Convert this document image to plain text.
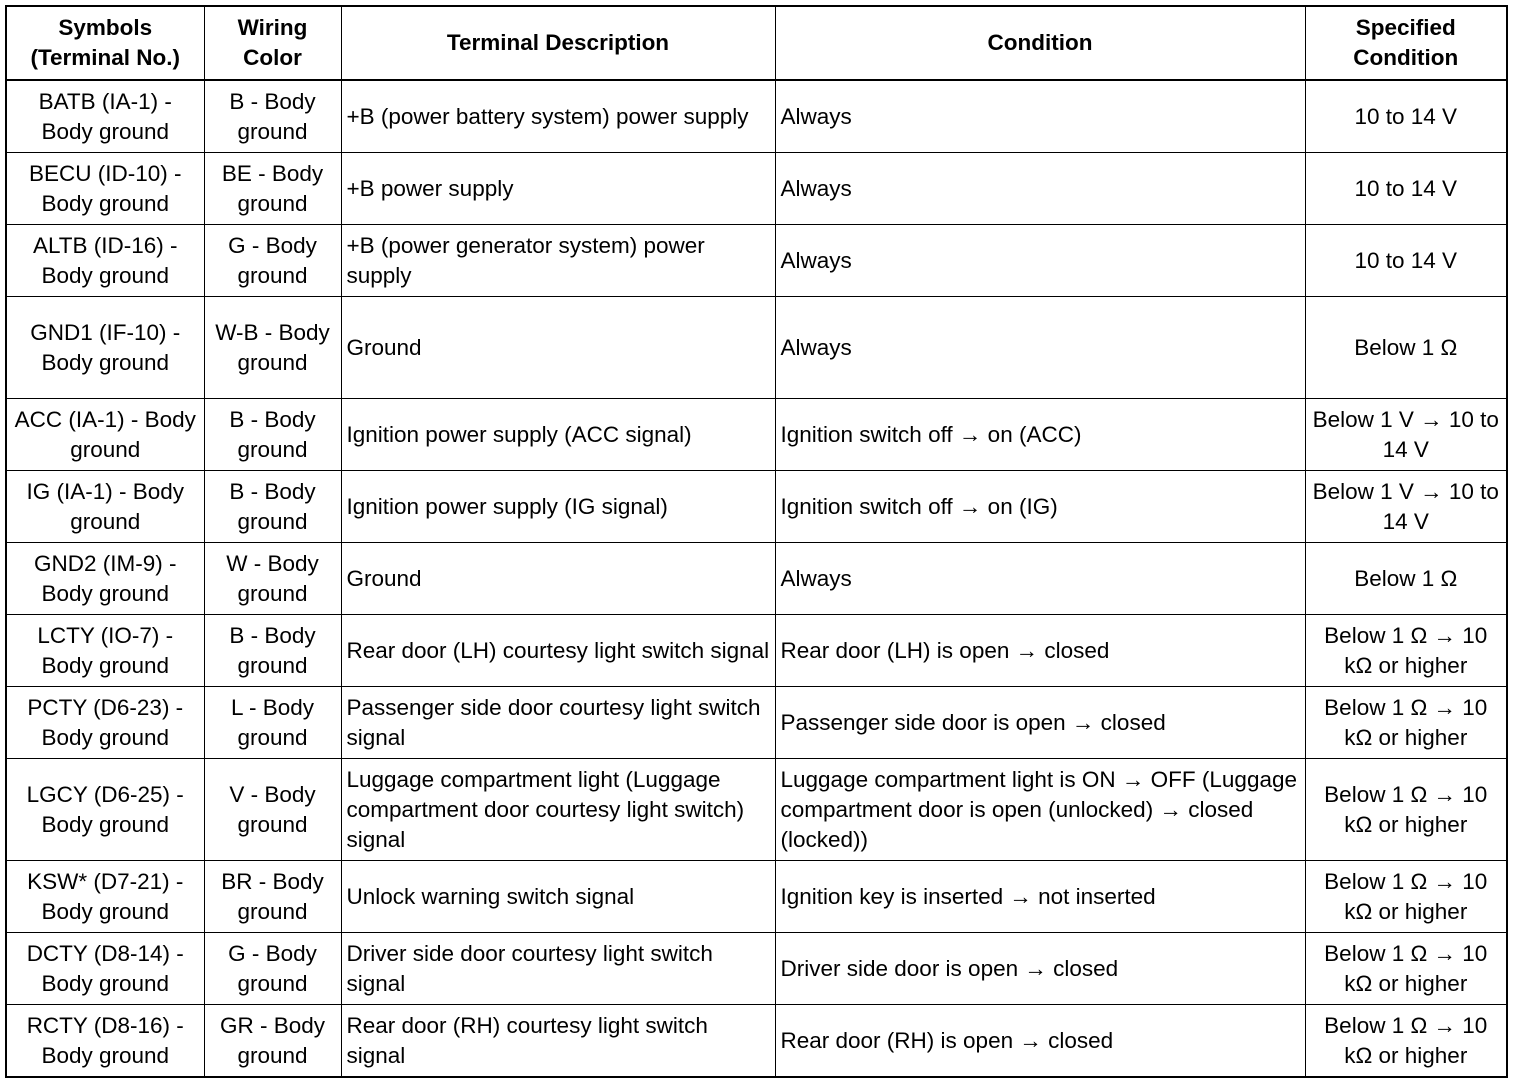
Symbols (Terminal No.)	Wiring Color	Terminal Description	Condition	Specified Condition
BATB (IA-1) - Body ground	B - Body ground	+B (power battery system) power supply	Always	10 to 14 V
BECU (ID-10) - Body ground	BE - Body ground	+B power supply	Always	10 to 14 V
ALTB (ID-16) - Body ground	G - Body ground	+B (power generator system) power supply	Always	10 to 14 V
GND1 (IF-10) - Body ground	W-B - Body ground	Ground	Always	Below 1 Ω
ACC (IA-1) - Body ground	B - Body ground	Ignition power supply (ACC signal)	Ignition switch off → on (ACC)	Below 1 V → 10 to 14 V
IG (IA-1) - Body ground	B - Body ground	Ignition power supply (IG signal)	Ignition switch off → on (IG)	Below 1 V → 10 to 14 V
GND2 (IM-9) - Body ground	W - Body ground	Ground	Always	Below 1 Ω
LCTY (IO-7) - Body ground	B - Body ground	Rear door (LH) courtesy light switch signal	Rear door (LH) is open → closed	Below 1 Ω → 10 kΩ or higher
PCTY (D6-23) - Body ground	L - Body ground	Passenger side door courtesy light switch signal	Passenger side door is open → closed	Below 1 Ω → 10 kΩ or higher
LGCY (D6-25) - Body ground	V - Body ground	Luggage compartment light (Luggage compartment door courtesy light switch) signal	Luggage compartment light is ON → OFF (Luggage compartment door is open (unlocked) → closed (locked))	Below 1 Ω → 10 kΩ or higher
KSW* (D7-21) - Body ground	BR - Body ground	Unlock warning switch signal	Ignition key is inserted → not inserted	Below 1 Ω → 10 kΩ or higher
DCTY (D8-14) - Body ground	G - Body ground	Driver side door courtesy light switch signal	Driver side door is open → closed	Below 1 Ω → 10 kΩ or higher
RCTY (D8-16) - Body ground	GR - Body ground	Rear door (RH) courtesy light switch signal	Rear door (RH) is open → closed	Below 1 Ω → 10 kΩ or higher
